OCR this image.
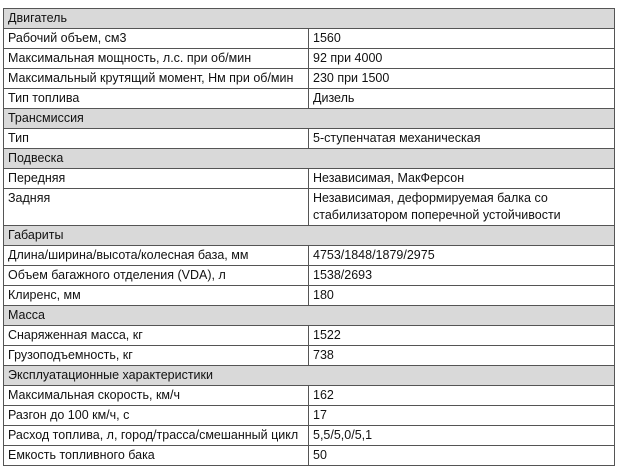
Двигатель	
Рабочий объем, см3	1560
Максимальная мощность, л.с. при об/мин	92 при 4000
Максимальный крутящий момент, Нм при об/мин	230 при 1500
Тип топлива	Дизель
Трансмиссия	
Тип	5-ступенчатая механическая
Подвеска	
Передняя	Независимая, МакФерсон
Задняя	Независимая, деформируемая балка со стабилизатором поперечной устойчивости
Габариты	
Длина/ширина/высота/колесная база, мм	4753/1848/1879/2975
Объем багажного отделения (VDA), л	1538/2693
Клиренс, мм	180
Масса	
Снаряженная масса, кг	1522
Грузоподъемность, кг	738
Эксплуатационные характеристики	
Максимальная скорость, км/ч	162
Разгон до 100 км/ч, с	17
Расход топлива, л, город/трасса/смешанный цикл	5,5/5,0/5,1
Емкость топливного бака	50
